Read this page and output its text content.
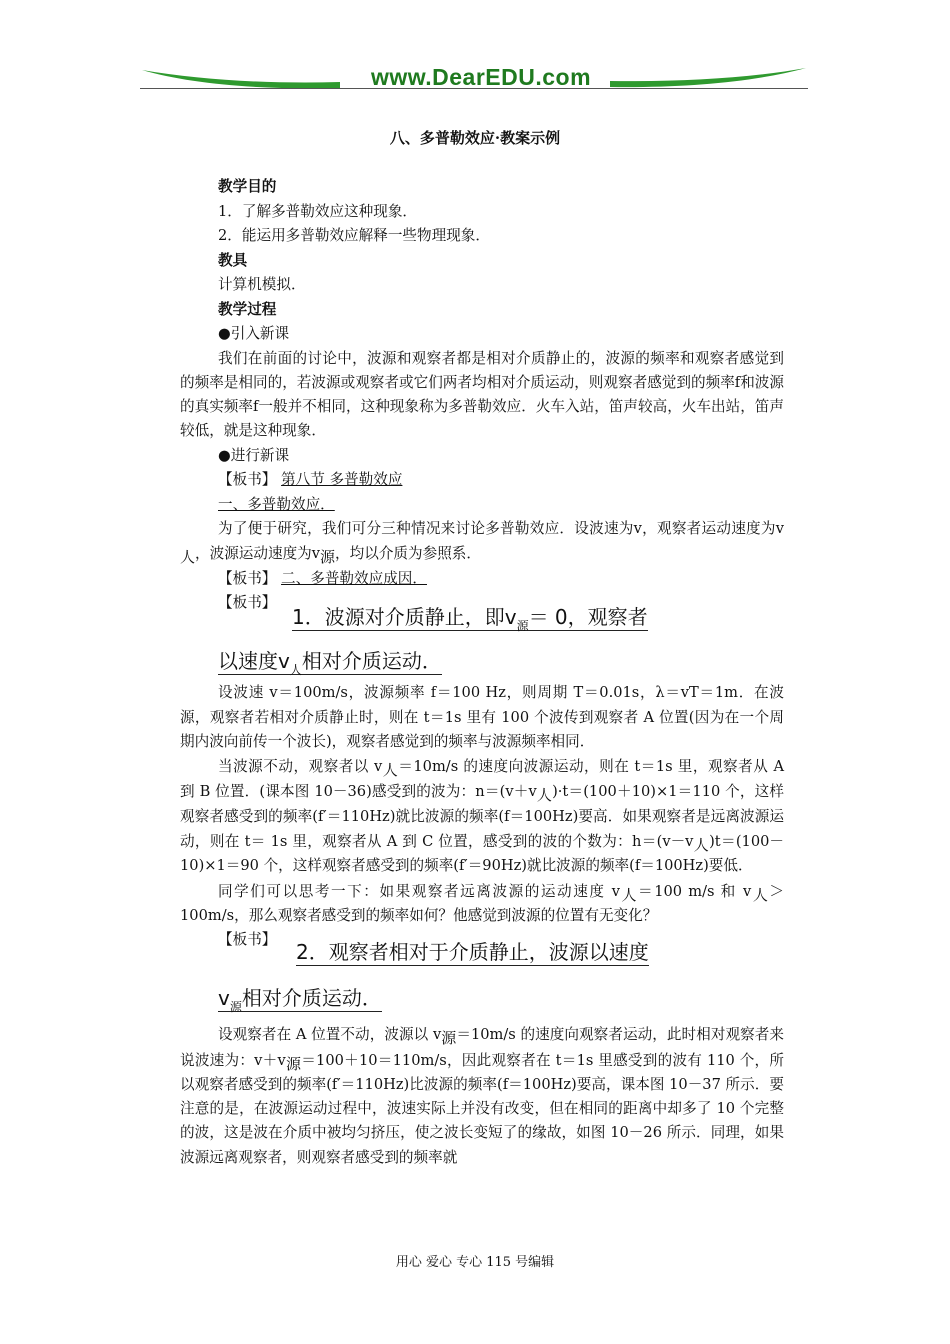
www.DearEDU.com
八、多普勒效应·教案示例
教学目的
1．了解多普勒效应这种现象．
2．能运用多普勒效应解释一些物理现象．
教具
计算机模拟．
教学过程
●引入新课
我们在前面的讨论中，波源和观察者都是相对介质静止的，波源的频率和观察者感觉到的频率是相同的，若波源或观察者或它们两者均相对介质运动，则观察者感觉到的频率f和波源的真实频率f一般并不相同，这种现象称为多普勒效应．火车入站，笛声较高，火车出站，笛声较低，就是这种现象．
●进行新课
【板书】 第八节 多普勒效应
一、多普勒效应．
为了便于研究，我们可分三种情况来讨论多普勒效应．设波速为v，观察者运动速度为v人，波源运动速度为v源，均以介质为参照系．
【板书】 二、多普勒效应成因．
【板书】
1．波源对介质静止，即$v_源= 0$，观察者
以速度$v_人$相对介质运动．
设波速 v＝100m/s，波源频率 f＝100 Hz，则周期 T＝0.01s，λ＝vT＝1m．在波源，观察者若相对介质静止时，则在 t＝1s 里有 100 个波传到观察者 A 位置(因为在一个周期内波向前传一个波长)，观察者感觉到的频率与波源频率相同．
当波源不动，观察者以 v人＝10m/s 的速度向波源运动，则在 t＝1s 里，观察者从 A 到 B 位置．(课本图 10－36)感受到的波为：n＝(v＋v人)·t＝(100＋10)×1＝110 个，这样观察者感受到的频率(f′＝110Hz)就比波源的频率(f＝100Hz)要高．如果观察者是远离波源运动，则在 t＝ 1s 里，观察者从 A 到 C 位置，感受到的波的个数为：h＝(v－v人)t＝(100－10)×1＝90 个，这样观察者感受到的频率(f′＝90Hz)就比波源的频率(f＝100Hz)要低．
同学们可以思考一下：如果观察者远离波源的运动速度 v人＝100 m/s 和 v人＞100m/s，那么观察者感受到的频率如何？他感觉到波源的位置有无变化？
【板书】
2．观察者相对于介质静止，波源以速度
$v_源$相对介质运动．
设观察者在 A 位置不动，波源以 v源＝10m/s 的速度向观察者运动，此时相对观察者来说波速为：v＋v源＝100＋10＝110m/s，因此观察者在 t＝1s 里感受到的波有 110 个，所以观察者感受到的频率(f′＝110Hz)比波源的频率(f＝100Hz)要高，课本图 10－37 所示．要注意的是，在波源运动过程中，波速实际上并没有改变，但在相同的距离中却多了 10 个完整的波，这是波在介质中被均匀挤压，使之波长变短了的缘故，如图 10－26 所示．同理，如果波源远离观察者，则观察者感受到的频率就
用心 爱心 专心 115 号编辑
